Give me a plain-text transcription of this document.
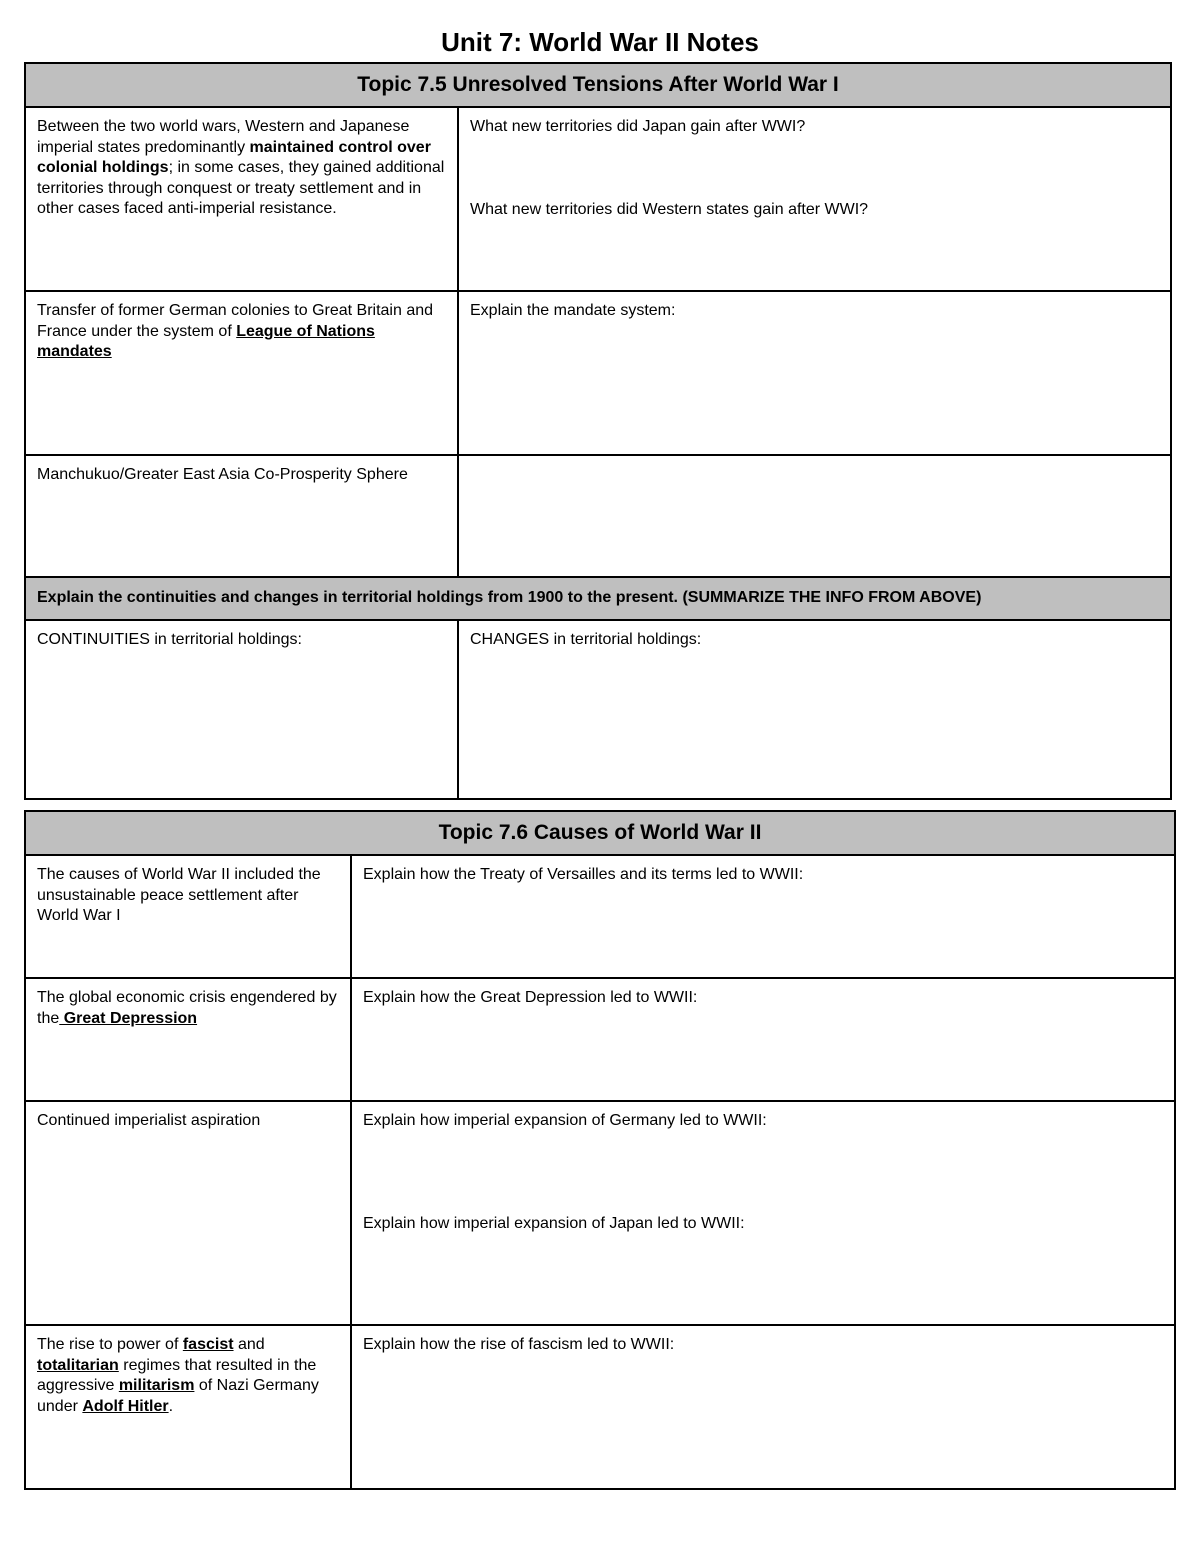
Unit 7: World War II Notes
Topic 7.5 Unresolved Tensions After World War I	
Between the two world wars, Western and Japanese imperial states predominantly maintained control over colonial holdings; in some cases, they gained additional territories through conquest or treaty settlement and in other cases faced anti-imperial resistance.	What new territories did Japan gain after WWI?
What new territories did Western states gain after WWI?

Transfer of former German colonies to Great Britain and France under the system of League of Nations mandates	Explain the mandate system:

Manchukuo/Greater East Asia Co-Prosperity Sphere	
Explain the continuities and changes in territorial holdings from 1900 to the present. (SUMMARIZE THE INFO FROM ABOVE)	
CONTINUITIES in territorial holdings:	CHANGES in territorial holdings:
Topic 7.6 Causes of World War II	
The causes of World War II included the unsustainable peace settlement after World War I	Explain how the Treaty of Versailles and its terms led to WWII:

The global economic crisis engendered by the Great Depression	Explain how the Great Depression led to WWII:

Continued imperialist aspiration	Explain how imperial expansion of Germany led to WWII:
Explain how imperial expansion of Japan led to WWII:

The rise to power of fascist and totalitarian regimes that resulted in the aggressive militarism of Nazi Germany under Adolf Hitler.	Explain how the rise of fascism led to WWII:
